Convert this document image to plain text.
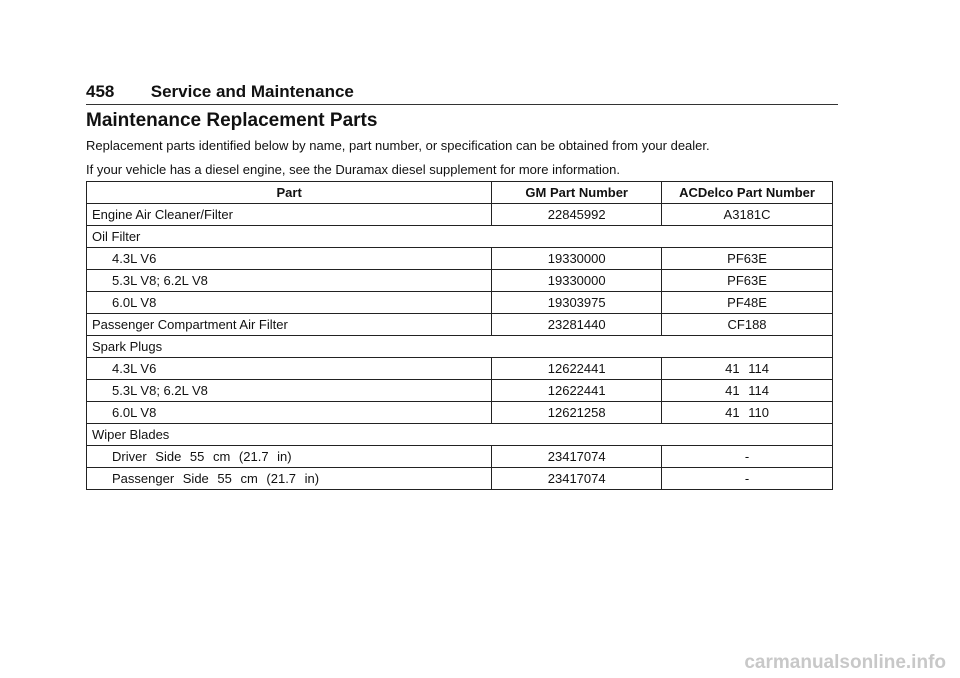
458 Service and Maintenance
Maintenance Replacement Parts
Replacement parts identified below by name, part number, or specification can be obtained from your dealer.
If your vehicle has a diesel engine, see the Duramax diesel supplement for more information.
Part	GM Part Number	ACDelco Part Number
Engine Air Cleaner/Filter	22845992	A3181C
Oil Filter		
4.3L V6	19330000	PF63E
5.3L V8; 6.2L V8	19330000	PF63E
6.0L V8	19303975	PF48E
Passenger Compartment Air Filter	23281440	CF188
Spark Plugs		
4.3L V6	12622441	41 114
5.3L V8; 6.2L V8	12622441	41 114
6.0L V8	12621258	41 110
Wiper Blades		
Driver Side 55 cm (21.7 in)	23417074	-
Passenger Side 55 cm (21.7 in)	23417074	-
carmanualsonline.info
